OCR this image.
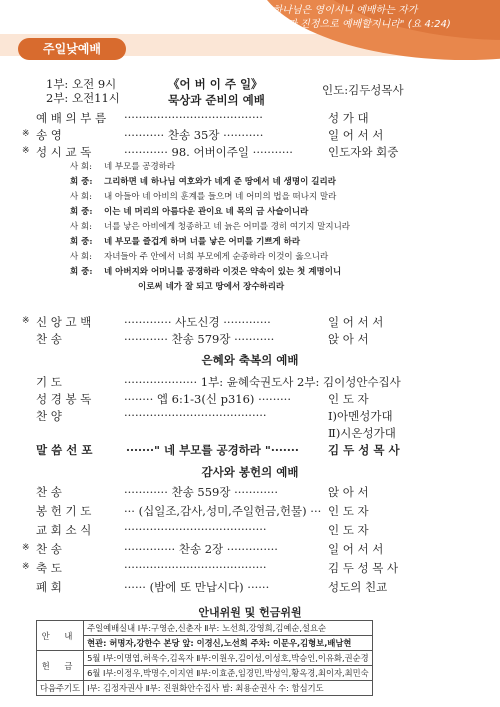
"하나님은 영이시니 예배하는 자가
신령과 진정으로 예배할지니라" (요 4:24)
주일낮예배
1부: 오전 9시
2부: 오전11시
《어 버 이 주 일》
묵상과 준비의 예배
인도:김두성목사
예 배 의 부 름 ······································	성 가 대
※ 송 영	··········· 찬송 35장 ···········	일 어 서 서
※ 성 시 교 독	············ 98. 어버이주일 ···········	인도자와 회중
사 회: 네 부모를 공경하라
회 중: 그리하면 네 하나님 여호와가 네게 준 땅에서 네 생명이 길리라
사 회: 내 아들아 네 아비의 훈계를 들으며 네 어미의 법을 떠나지 말라
회 중: 이는 네 머리의 아름다운 관이요 네 목의 금 사슬이니라
사 회: 너를 낳은 아비에게 청종하고 네 늙은 어미를 경히 여기지 말지니라
회 중: 네 부모를 즐겁게 하며 너를 낳은 어미를 기쁘게 하라
사 회: 자녀들아 주 안에서 너희 부모에게 순종하라 이것이 옳으니라
회 중: 네 아버지와 어머니를 공경하라 이것은 약속이 있는 첫 계명이니
이로써 네가 잘 되고 땅에서 장수하리라
※ 신 앙 고 백	············· 사도신경 ·············	일 어 서 서
찬 송	············ 찬송 579장 ···········	앉 아 서
은혜와 축복의 예배
기 도	···················· 1부: 윤혜숙권도사 2부: 김이성안수집사
성 경 봉 독	········ 엡 6:1-3(신 p316) ·········	인 도 자
찬 양	·······································	Ⅰ)아멘성가대
Ⅱ)시온성가대
말 씀 선 포	·······" 네 부모를 공경하라 "·······	김 두 성 목 사
감사와 봉헌의 예배
찬 송	············ 찬송 559장 ············	앉 아 서
봉 헌 기 도	··· (십일조,감사,성미,주일헌금,헌물) ··· 인 도 자
교 회 소 식	·······································	인 도 자
※ 찬 송	·············· 찬송 2장 ··············	일 어 서 서
※ 축 도	·······································	김 두 성 목 사
폐 회	······ (밤에 또 만납시다) ······	성도의 친교
안내위원 및 헌금위원
안 내	주일예배실내 Ⅰ부:구영순,신춘자 Ⅱ부: 노선희,강영희,김예순,설요순
	현관: 허명자,강한수 본당 앞: 이경신,노선희 주차: 이문우,김형보,배남현
헌 금	5월 Ⅰ부:이명엽,허욱수,김옥자 Ⅱ부:이원우,김이성,이성호,박승인,이유화,권순경
	6월 Ⅰ부:이정우,박명수,이지연 Ⅱ부:이효준,임경민,박성익,황옥경,최이자,최민숙
다음주기도	Ⅰ부: 김정자권사 Ⅱ부: 진원화안수집사 밤: 최용순권사 수: 함심기도
